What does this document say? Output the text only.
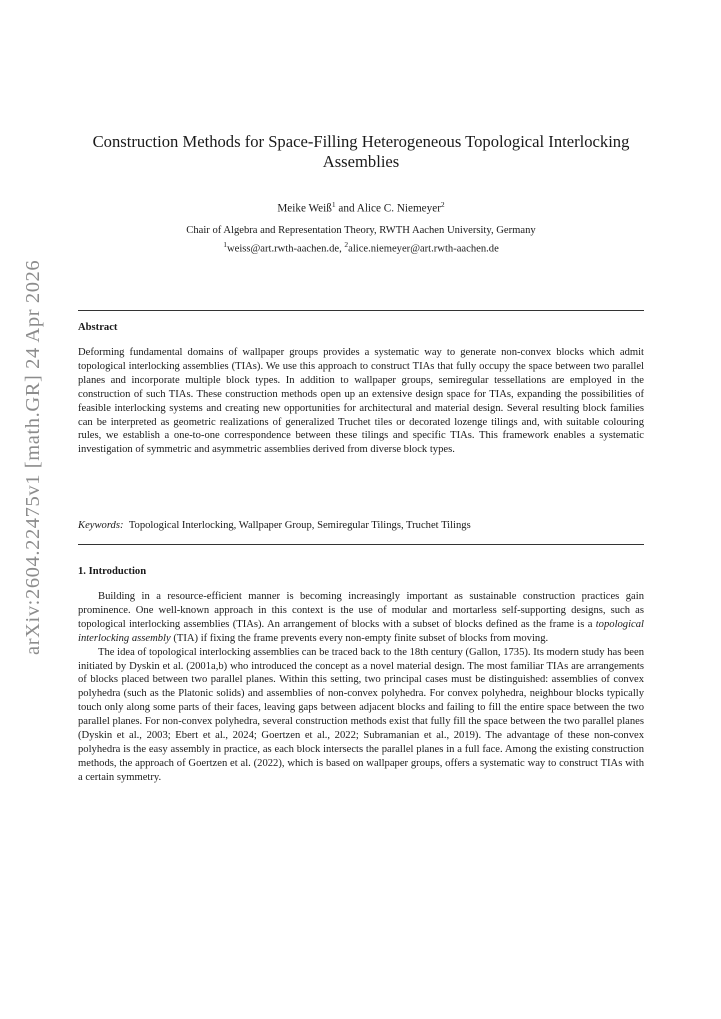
arXiv:2604.22475v1 [math.GR] 24 Apr 2026
Construction Methods for Space-Filling Heterogeneous Topological Interlocking Assemblies
Meike Weiß$^1$ and Alice C. Niemeyer$^2$
Chair of Algebra and Representation Theory, RWTH Aachen University, Germany
$^1$weiss@art.rwth-aachen.de, $^2$alice.niemeyer@art.rwth-aachen.de
Abstract
Deforming fundamental domains of wallpaper groups provides a systematic way to generate non-convex blocks which admit topological interlocking assemblies (TIAs). We use this approach to construct TIAs that fully occupy the space between two parallel planes and incorporate multiple block types. In addition to wallpaper groups, semiregular tessellations are employed in the construction of such TIAs. These construction methods open up an extensive design space for TIAs, expanding the possibilities of feasible interlocking systems and creating new opportunities for architectural and material design. Several resulting block families can be interpreted as geometric realizations of generalized Truchet tiles or decorated lozenge tilings and, with suitable colouring rules, we establish a one-to-one correspondence between these tilings and specific TIAs. This framework enables a systematic investigation of symmetric and asymmetric assemblies derived from diverse block types.
Keywords: Topological Interlocking, Wallpaper Group, Semiregular Tilings, Truchet Tilings
1. Introduction

Building in a resource-efficient manner is becoming increasingly important as sustainable construction practices gain prominence. One well-known approach in this context is the use of modular and mortarless self-supporting designs, such as topological interlocking assemblies (TIAs). An arrangement of blocks with a subset of blocks defined as the frame is a topological interlocking assembly (TIA) if fixing the frame prevents every non-empty finite subset of blocks from moving.

The idea of topological interlocking assemblies can be traced back to the 18th century (Gallon, 1735). Its modern study has been initiated by Dyskin et al. (2001a,b) who introduced the concept as a novel material design. The most familiar TIAs are arrangements of blocks placed between two parallel planes. Within this setting, two principal cases must be distinguished: assemblies of convex polyhedra (such as the Platonic solids) and assemblies of non-convex polyhedra. For convex polyhedra, neighbour blocks typically touch only along some parts of their faces, leaving gaps between adjacent blocks and failing to fill the entire space between the two parallel planes. For non-convex polyhedra, several construction methods exist that fully fill the space between the two parallel planes (Dyskin et al., 2003; Ebert et al., 2024; Goertzen et al., 2022; Subramanian et al., 2019). The advantage of these non-convex polyhedra is the easy assembly in practice, as each block intersects the parallel planes in a full face. Among the existing construction methods, the approach of Goertzen et al. (2022), which is based on wallpaper groups, offers a systematic way to construct TIAs with a certain symmetry.
